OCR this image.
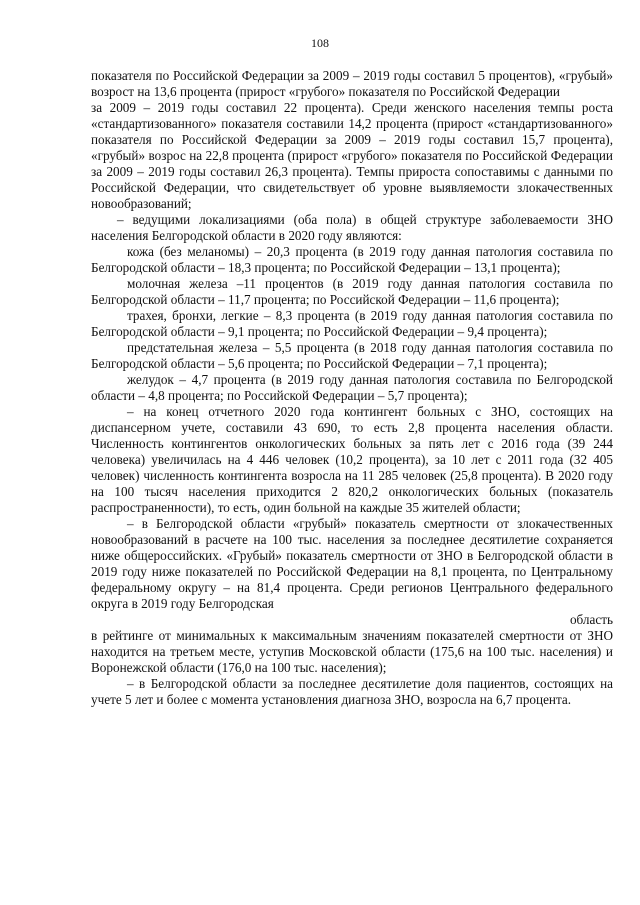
108

показателя по Российской Федерации за 2009 – 2019 годы составил 5 процентов), «грубый» возрост на 13,6 процента (прирост «грубого» показателя по Российской Федерации

за 2009 – 2019 годы составил 22 процента). Среди женского населения темпы роста «стандартизованного» показателя составили 14,2 процента (прирост «стандартизованного» показателя по Российской Федерации за 2009 – 2019 годы составил 15,7 процента), «грубый» возрос на 22,8 процента (прирост «грубого» показателя по Российской Федерации за 2009 – 2019 годы составил 26,3 процента). Темпы прироста сопоставимы с данными по Российской Федерации, что свидетельствует об уровне выявляемости злокачественных новообразований;

– ведущими локализациями (оба пола) в общей структуре заболеваемости ЗНО населения Белгородской области в 2020 году являются:

кожа (без меланомы) – 20,3 процента (в 2019 году данная патология составила по Белгородской области – 18,3 процента; по Российской Федерации – 13,1 процента);

молочная железа –11 процентов (в 2019 году данная патология составила по Белгородской области – 11,7 процента; по Российской Федерации – 11,6 процента);

трахея, бронхи, легкие – 8,3 процента (в 2019 году данная патология составила по Белгородской области – 9,1 процента; по Российской Федерации – 9,4 процента);

предстательная железа – 5,5 процента (в 2018 году данная патология составила по Белгородской области – 5,6 процента; по Российской Федерации – 7,1 процента);

желудок – 4,7 процента (в 2019 году данная патология составила по Белгородской области – 4,8 процента; по Российской Федерации – 5,7 процента);

– на конец отчетного 2020 года контингент больных с ЗНО, состоящих на диспансерном учете, составили 43 690, то есть 2,8 процента населения области. Численность контингентов онкологических больных за пять лет с 2016 года (39 244 человека) увеличилась на 4 446 человек (10,2 процента), за 10 лет с 2011 года (32 405 человек) численность контингента возросла на 11 285 человек (25,8 процента). В 2020 году на 100 тысяч населения приходится 2 820,2 онкологических больных (показатель распространенности), то есть, один больной на каждые 35 жителей области;

– в Белгородской области «грубый» показатель смертности от злокачественных новообразований в расчете на 100 тыс. населения за последнее десятилетие сохраняется ниже общероссийских. «Грубый» показатель смертности от ЗНО в Белгородской области в 2019 году ниже показателей по Российской Федерации на 8,1 процента, по Центральному федеральному округу – на 81,4 процента. Среди регионов Центрального федерального округа в 2019 году Белгородская

область

в рейтинге от минимальных к максимальным значениям показателей смертности от ЗНО находится на третьем месте, уступив Московской области (175,6 на 100 тыс. населения) и Воронежской области (176,0 на 100 тыс. населения);

– в Белгородской области за последнее десятилетие доля пациентов, состоящих на учете 5 лет и более с момента установления диагноза ЗНО, возросла на 6,7 процента.
